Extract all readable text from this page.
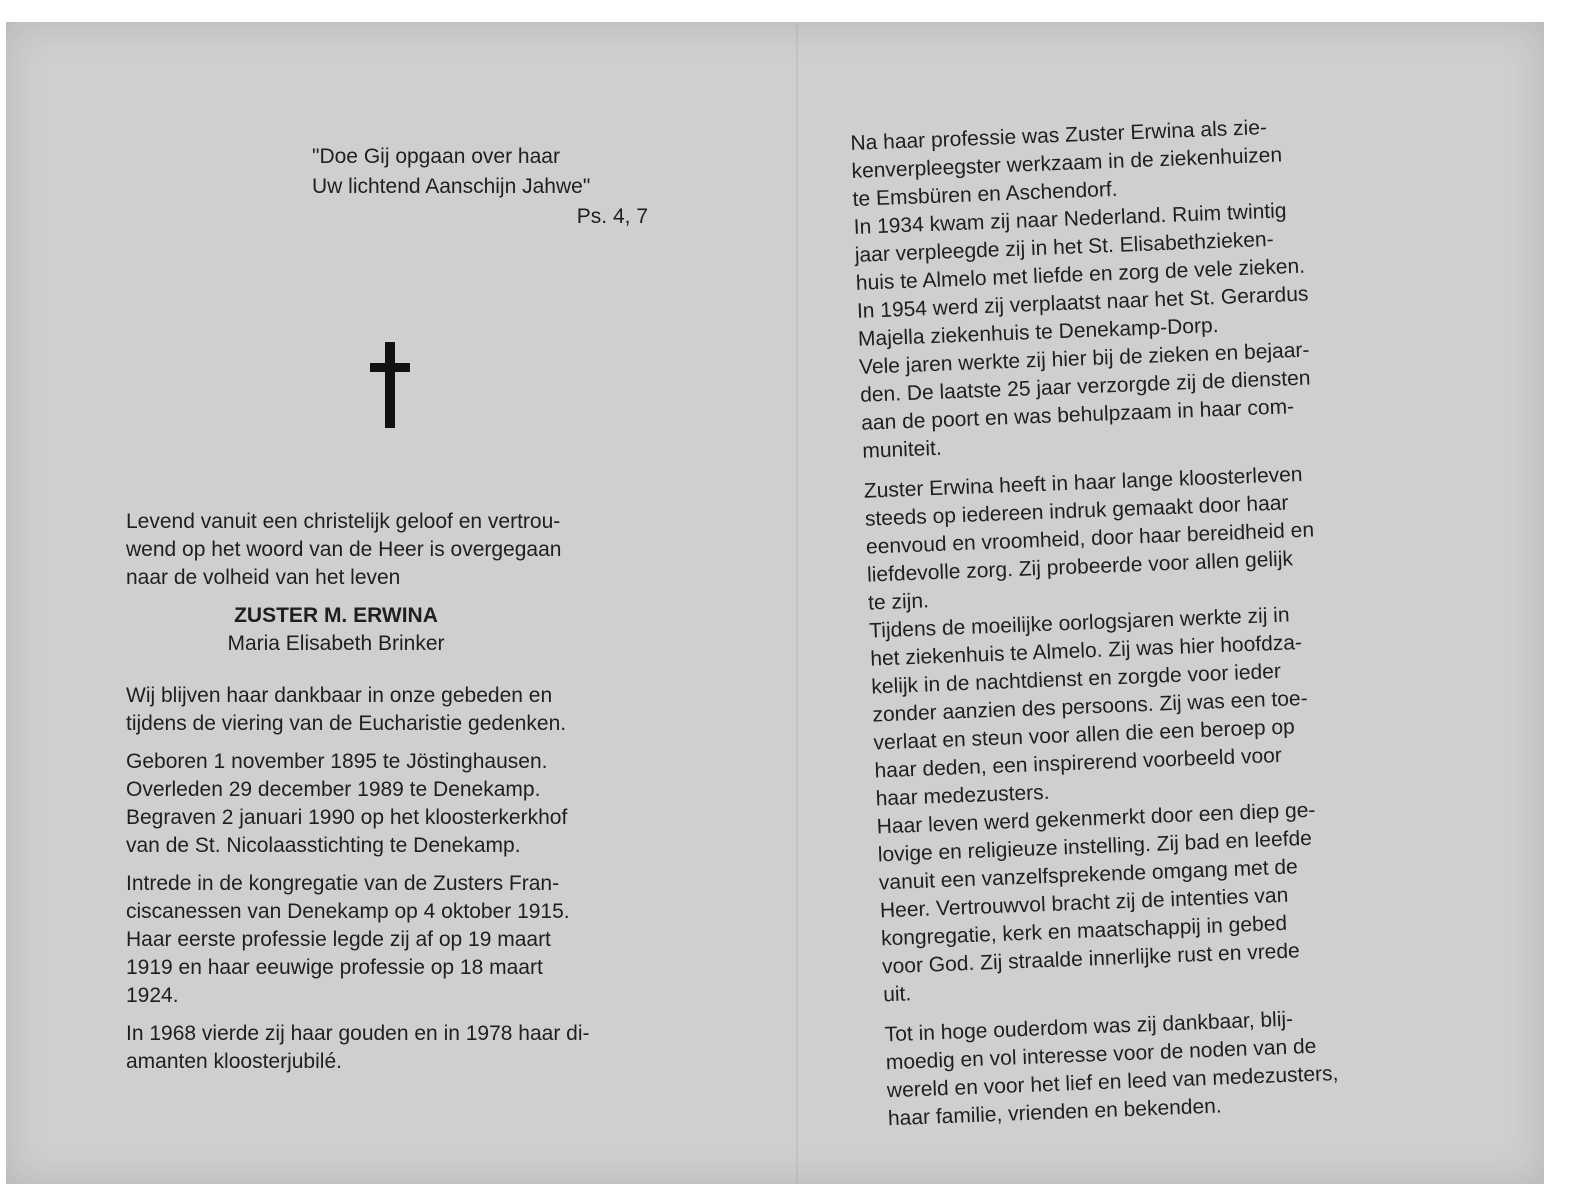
"Doe Gij opgaan over haar
Uw lichtend Aanschijn Jahwe"
Ps. 4, 7

Levend vanuit een christelijk geloof en vertrou-
wend op het woord van de Heer is overgegaan
naar de volheid van het leven

ZUSTER M. ERWINA

Maria Elisabeth Brinker

Wij blijven haar dankbaar in onze gebeden en
tijdens de viering van de Eucharistie gedenken.

Geboren 1 november 1895 te Jöstinghausen.
Overleden 29 december 1989 te Denekamp.
Begraven 2 januari 1990 op het kloosterkerkhof
van de St. Nicolaasstichting te Denekamp.

Intrede in de kongregatie van de Zusters Fran-
ciscanessen van Denekamp op 4 oktober 1915.
Haar eerste professie legde zij af op 19 maart
1919 en haar eeuwige professie op 18 maart
1924.

In 1968 vierde zij haar gouden en in 1978 haar di-
amanten kloosterjubilé.

Na haar professie was Zuster Erwina als zie-
kenverpleegster werkzaam in de ziekenhuizen
te Emsbüren en Aschendorf.
In 1934 kwam zij naar Nederland. Ruim twintig
jaar verpleegde zij in het St. Elisabethzieken-
huis te Almelo met liefde en zorg de vele zieken.
In 1954 werd zij verplaatst naar het St. Gerardus
Majella ziekenhuis te Denekamp-Dorp.
Vele jaren werkte zij hier bij de zieken en bejaar-
den. De laatste 25 jaar verzorgde zij de diensten
aan de poort en was behulpzaam in haar com-
muniteit.

Zuster Erwina heeft in haar lange kloosterleven
steeds op iedereen indruk gemaakt door haar
eenvoud en vroomheid, door haar bereidheid en
liefdevolle zorg. Zij probeerde voor allen gelijk
te zijn.
Tijdens de moeilijke oorlogsjaren werkte zij in
het ziekenhuis te Almelo. Zij was hier hoofdza-
kelijk in de nachtdienst en zorgde voor ieder
zonder aanzien des persoons. Zij was een toe-
verlaat en steun voor allen die een beroep op
haar deden, een inspirerend voorbeeld voor
haar medezusters.
Haar leven werd gekenmerkt door een diep ge-
lovige en religieuze instelling. Zij bad en leefde
vanuit een vanzelfsprekende omgang met de
Heer. Vertrouwvol bracht zij de intenties van
kongregatie, kerk en maatschappij in gebed
voor God. Zij straalde innerlijke rust en vrede
uit.

Tot in hoge ouderdom was zij dankbaar, blij-
moedig en vol interesse voor de noden van de
wereld en voor het lief en leed van medezusters,
haar familie, vrienden en bekenden.
